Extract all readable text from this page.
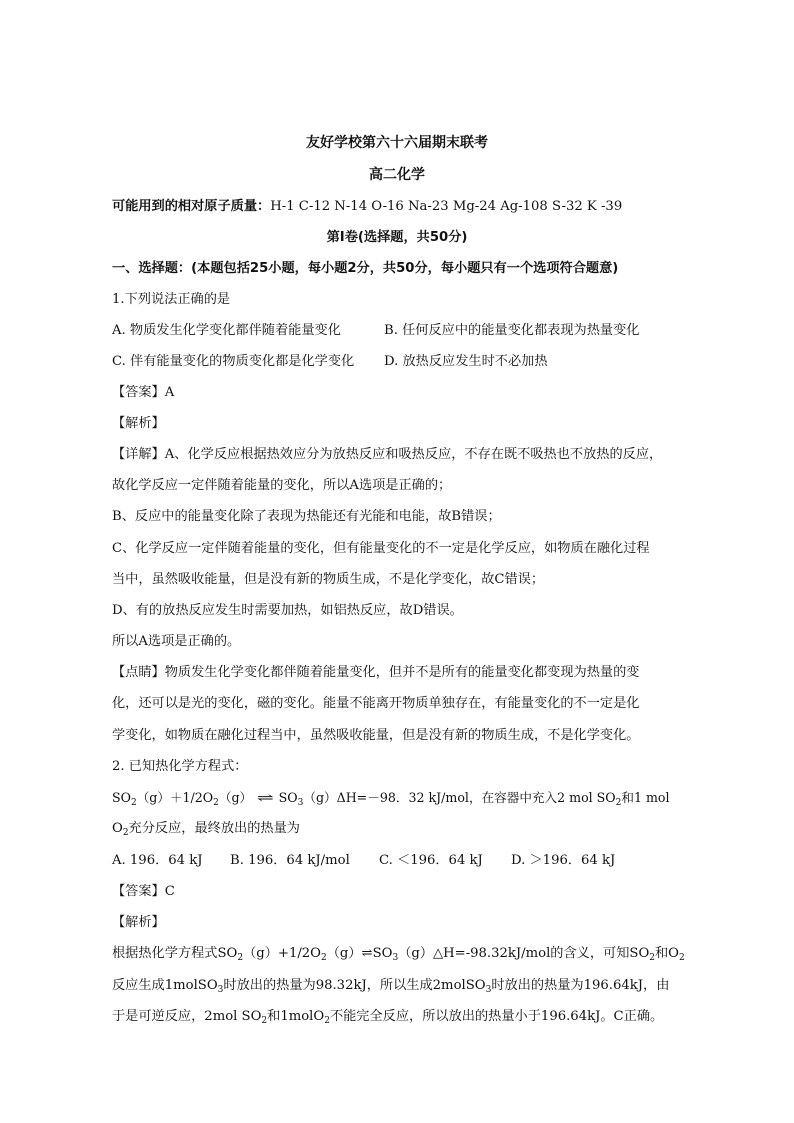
友好学校第六十六届期末联考
高二化学
可能用到的相对原子质量：H-1 C-12 N-14 O-16 Na-23 Mg-24 Ag-108 S-32 K -39
第Ⅰ卷(选择题，共50分)
一、选择题：(本题包括25小题，每小题2分，共50分，每小题只有一个选项符合题意)
1.下列说法正确的是
A. 物质发生化学变化都伴随着能量变化	B. 任何反应中的能量变化都表现为热量变化
C. 伴有能量变化的物质变化都是化学变化 D. 放热反应发生时不必加热
【答案】A
【解析】
【详解】A、化学反应根据热效应分为放热反应和吸热反应，不存在既不吸热也不放热的反应，
故化学反应一定伴随着能量的变化，所以A选项是正确的；
B、反应中的能量变化除了表现为热能还有光能和电能，故B错误；
C、化学反应一定伴随着能量的变化，但有能量变化的不一定是化学反应，如物质在融化过程
当中，虽然吸收能量，但是没有新的物质生成，不是化学变化，故C错误；
D、有的放热反应发生时需要加热，如铝热反应，故D错误。
所以A选项是正确的。
【点睛】物质发生化学变化都伴随着能量变化，但并不是所有的能量变化都变现为热量的变
化，还可以是光的变化，磁的变化。能量不能离开物质单独存在，有能量变化的不一定是化
学变化，如物质在融化过程当中，虽然吸收能量，但是没有新的物质生成，不是化学变化。
2. 已知热化学方程式：
$SO_2(g)+1/2O_2(g)$ ⇌ $SO_3(g)\Delta H=-98$．32 kJ/mol，在容器中充入2 mol $SO_2$和1 mol
$O_2$充分反应，最终放出的热量为
A. 196．64 kJ B. 196．64 kJ/mol C. ＜196．64 kJ D. ＞196．64 kJ
【答案】C
【解析】
根据热化学方程式$SO_2(g)+1/2O_2(g)\rightleftharpoons SO_3(g)\triangle H=-98.32kJ$/mol的含义，可知$SO_2$和$O_2$
反应生成1molSO$_3$时放出的热量为98.32kJ，所以生成2molSO$_3$时放出的热量为196.64kJ，由
于是可逆反应，2mol $SO_2$和1molO$_2$不能完全反应，所以放出的热量小于196.64kJ。C正确。
